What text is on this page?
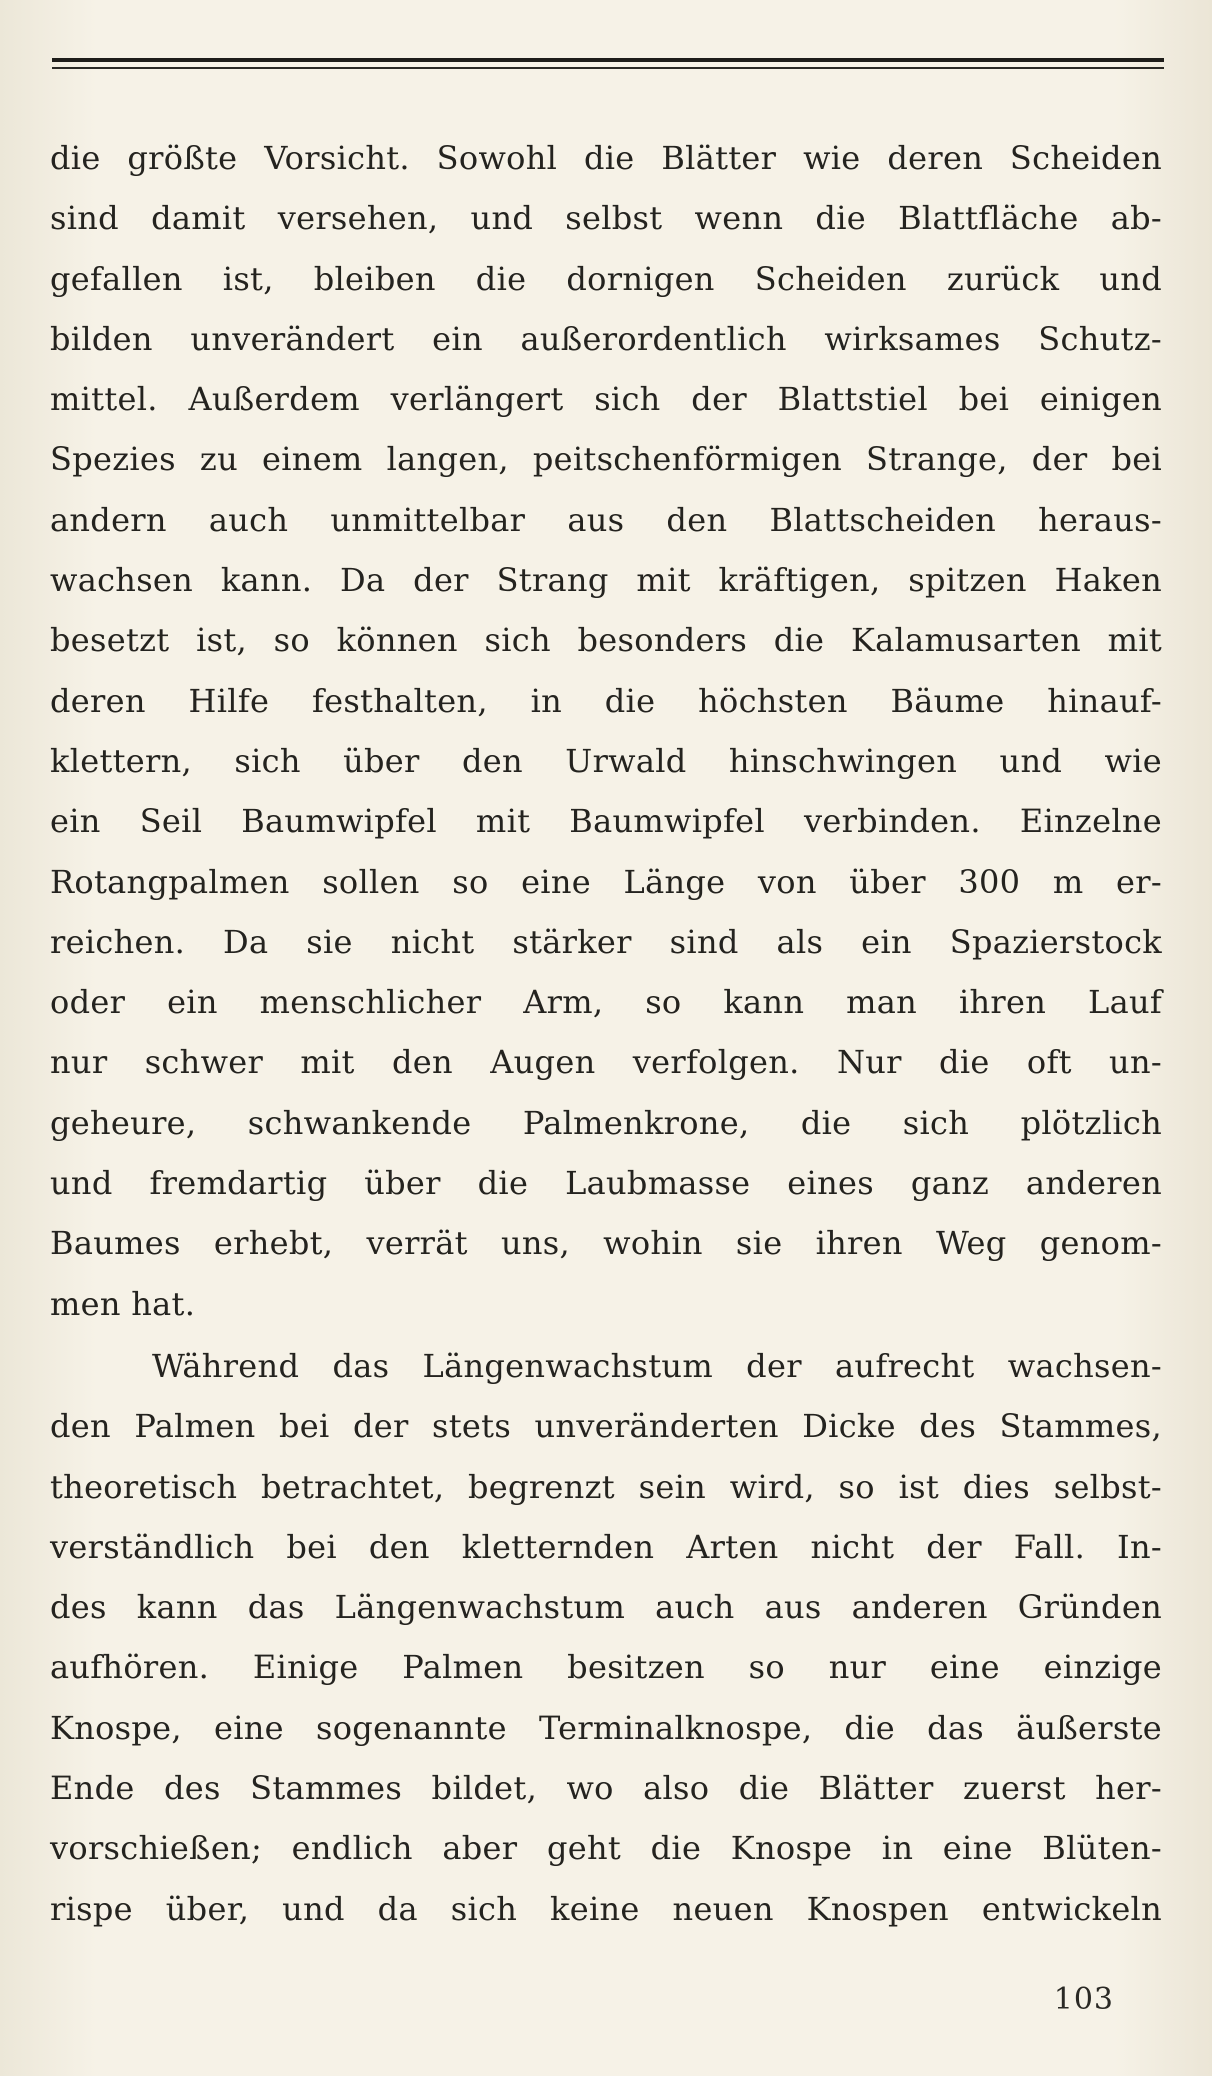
die größte Vorsicht. Sowohl die Blätter wie deren Scheiden
sind damit versehen, und selbst wenn die Blattfläche ab-
gefallen ist, bleiben die dornigen Scheiden zurück und
bilden unverändert ein außerordentlich wirksames Schutz-
mittel. Außerdem verlängert sich der Blattstiel bei einigen
Spezies zu einem langen, peitschenförmigen Strange, der bei
andern auch unmittelbar aus den Blattscheiden heraus-
wachsen kann. Da der Strang mit kräftigen, spitzen Haken
besetzt ist, so können sich besonders die Kalamusarten mit
deren Hilfe festhalten, in die höchsten Bäume hinauf-
klettern, sich über den Urwald hinschwingen und wie
ein Seil Baumwipfel mit Baumwipfel verbinden. Einzelne
Rotangpalmen sollen so eine Länge von über 300 m er-
reichen. Da sie nicht stärker sind als ein Spazierstock
oder ein menschlicher Arm, so kann man ihren Lauf
nur schwer mit den Augen verfolgen. Nur die oft un-
geheure, schwankende Palmenkrone, die sich plötzlich
und fremdartig über die Laubmasse eines ganz anderen
Baumes erhebt, verrät uns, wohin sie ihren Weg genom-
men hat.
Während das Längenwachstum der aufrecht wachsen-
den Palmen bei der stets unveränderten Dicke des Stammes,
theoretisch betrachtet, begrenzt sein wird, so ist dies selbst-
verständlich bei den kletternden Arten nicht der Fall. In-
des kann das Längenwachstum auch aus anderen Gründen
aufhören. Einige Palmen besitzen so nur eine einzige
Knospe, eine sogenannte Terminalknospe, die das äußerste
Ende des Stammes bildet, wo also die Blätter zuerst her-
vorschießen; endlich aber geht die Knospe in eine Blüten-
rispe über, und da sich keine neuen Knospen entwickeln
103
